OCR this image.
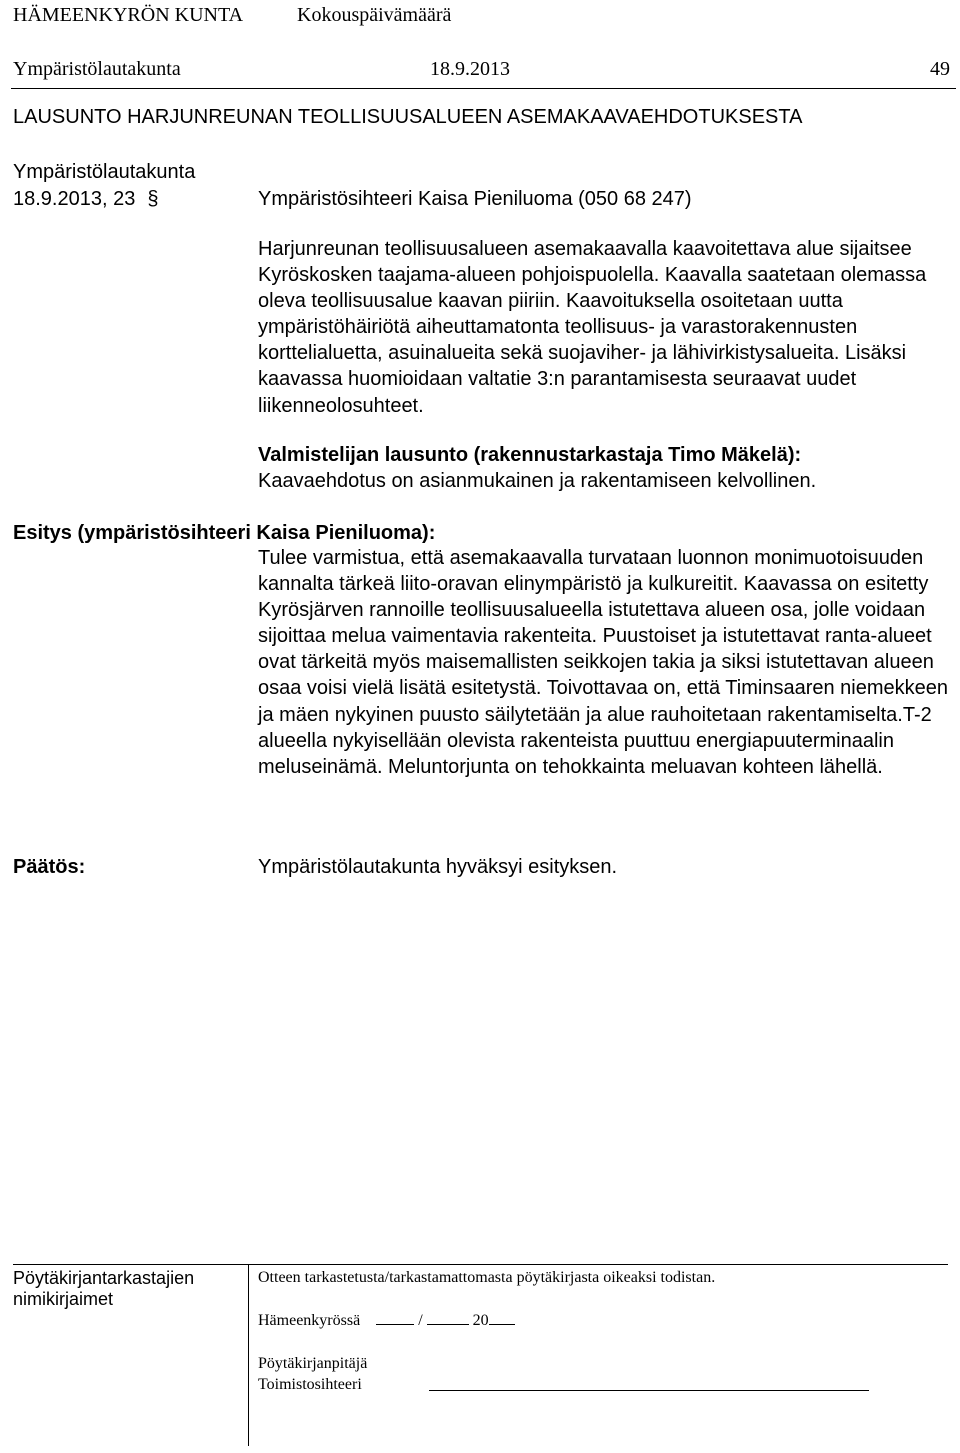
HÄMEENKYRÖN KUNTA	Kokouspäivämäärä
Ympäristölautakunta	18.9.2013	49
LAUSUNTO HARJUNREUNAN TEOLLISUUSALUEEN ASEMAKAAVAEHDOTUKSESTA
Ympäristölautakunta
18.9.2013, 23 §	Ympäristösihteeri Kaisa Pieniluoma (050 68 247)

Harjunreunan teollisuusalueen asemakaavalla kaavoitettava alue sijaitsee Kyröskosken taajama-alueen pohjoispuolella. Kaavalla saatetaan olemassa oleva teollisuusalue kaavan piiriin. Kaavoituksella osoitetaan uutta ympäristöhäiriötä aiheuttamatonta teollisuus- ja varastorakennusten korttelialuetta, asuinalueita sekä suojaviher- ja lähivirkistysalueita. Lisäksi kaavassa huomioidaan valtatie 3:n parantamisesta seuraavat uudet liikenneolosuhteet.

Valmistelijan lausunto (rakennustarkastaja Timo Mäkelä):

Kaavaehdotus on asianmukainen ja rakentamiseen kelvollinen.

Esitys (ympäristösihteeri Kaisa Pieniluoma):

Tulee varmistua, että asemakaavalla turvataan luonnon monimuotoisuuden kannalta tärkeä liito-oravan elinympäristö ja kulkureitit. Kaavassa on esitetty Kyrösjärven rannoille teollisuusalueella istutettava alueen osa, jolle voidaan sijoittaa melua vaimentavia rakenteita. Puustoiset ja istutettavat ranta-alueet ovat tärkeitä myös maisemallisten seikkojen takia ja siksi istutettavan alueen osaa voisi vielä lisätä esitetystä. Toivottavaa on, että Timinsaaren niemekkeen ja mäen nykyinen puusto säilytetään ja alue rauhoitetaan rakentamiselta.T-2 alueella nykyisellään olevista rakenteista puuttuu energiapuuterminaalin meluseinämä. Meluntorjunta on tehokkainta meluavan kohteen lähellä.

Päätös:	Ympäristölautakunta hyväksyi esityksen.
Pöytäkirjantarkastajien
nimikirjaimet
Otteen tarkastetusta/tarkastamattomasta pöytäkirjasta oikeaksi todistan.
Hämeenkyrössä	/	20
Pöytäkirjanpitäjä
Toimistosihteeri
